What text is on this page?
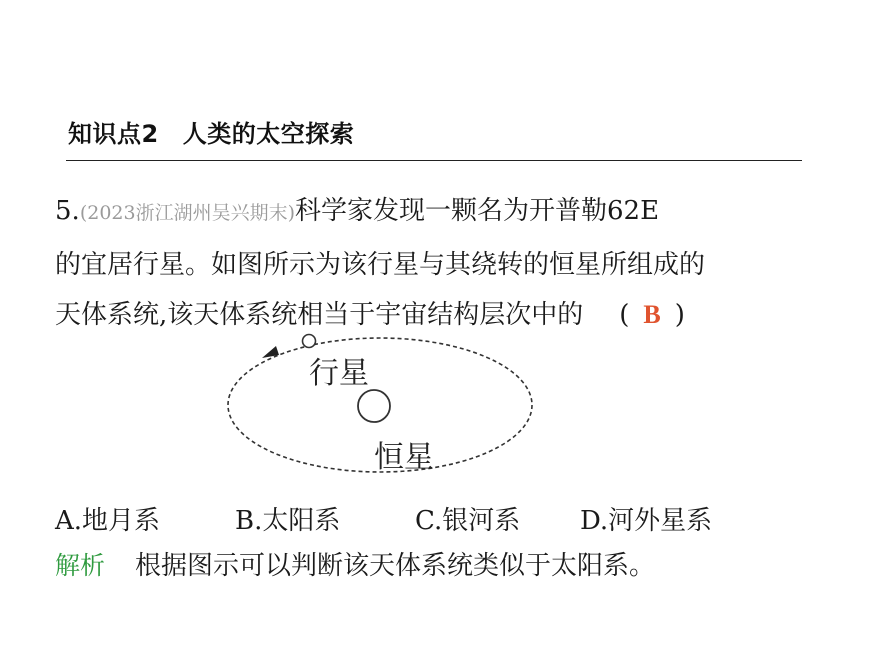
知识点2 人类的太空探索
5.(2023浙江湖州吴兴期末)科学家发现一颗名为开普勒62E
的宜居行星。如图所示为该行星与其绕转的恒星所组成的
天体系统,该天体系统相当于宇宙结构层次中的 ( B )
行星
恒星
A.地月系	B.太阳系	C.银河系 D.河外星系
解析 根据图示可以判断该天体系统类似于太阳系。
